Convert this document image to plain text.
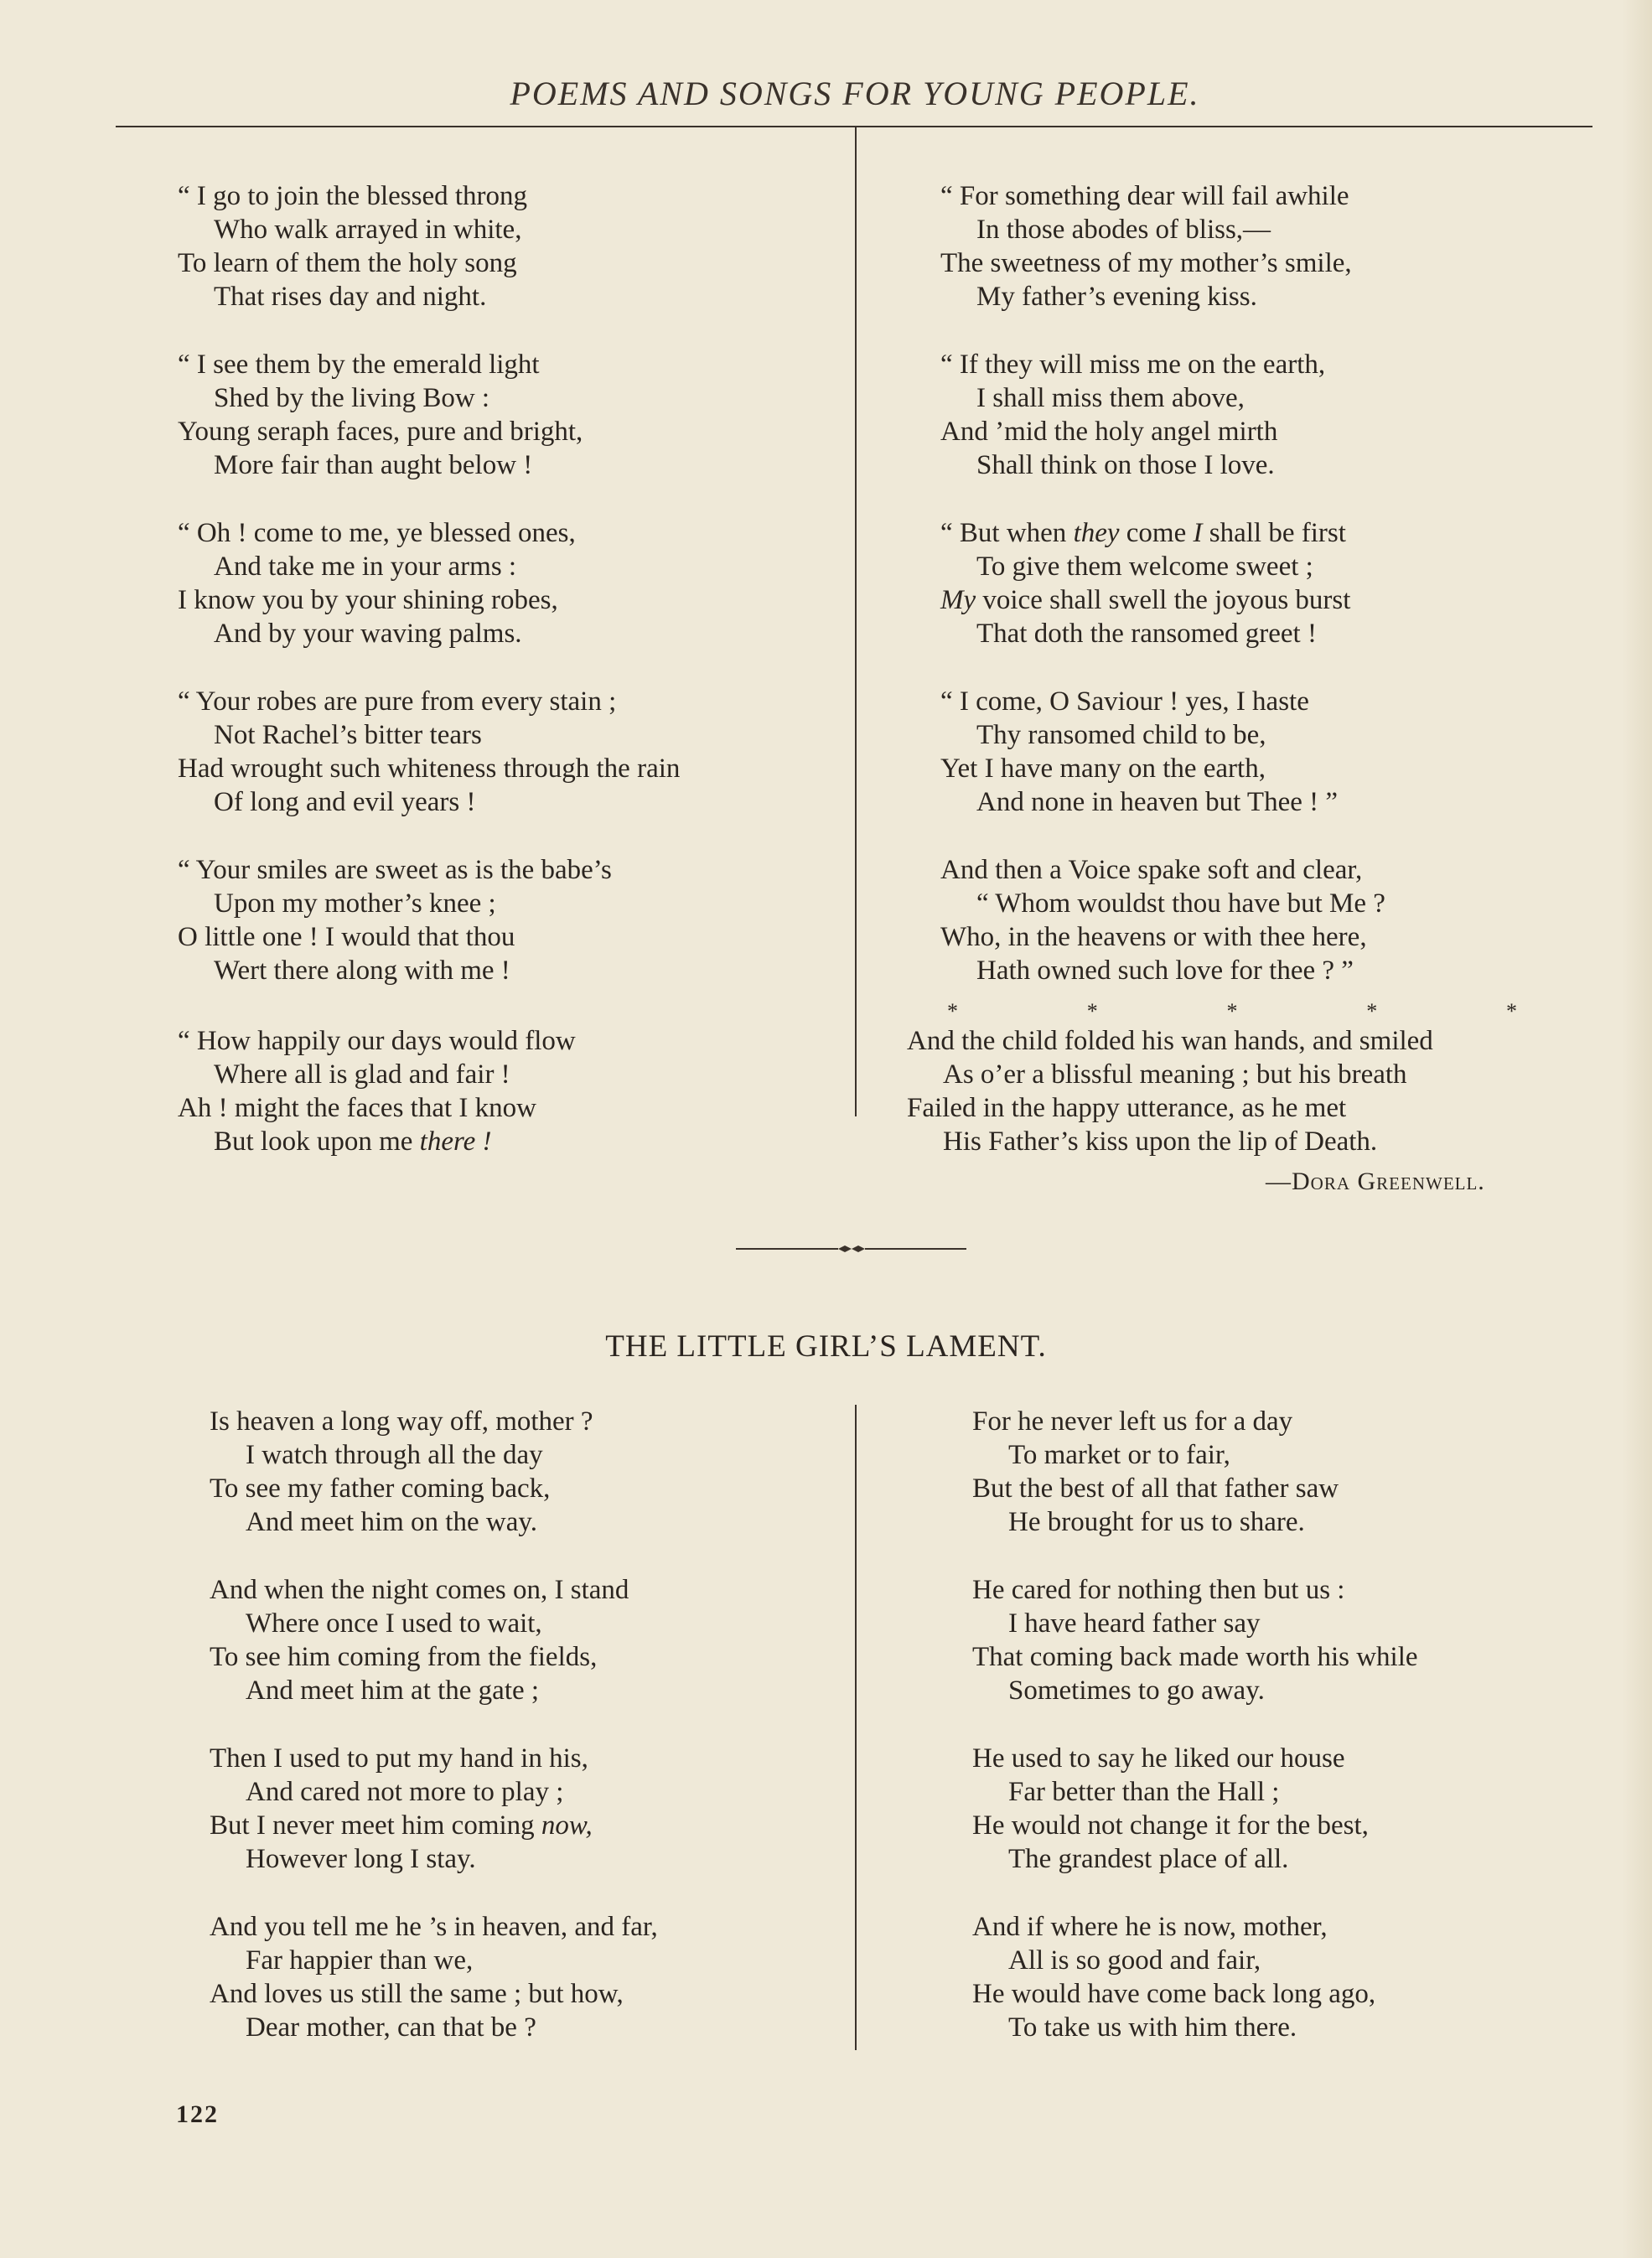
POEMS AND SONGS FOR YOUNG PEOPLE.
“ I go to join the blessed throng
Who walk arrayed in white,
To learn of them the holy song
That rises day and night.
“ I see them by the emerald light
Shed by the living Bow :
Young seraph faces, pure and bright,
More fair than aught below !
“ Oh ! come to me, ye blessed ones,
And take me in your arms :
I know you by your shining robes,
And by your waving palms.
“ Your robes are pure from every stain ;
Not Rachel’s bitter tears
Had wrought such whiteness through the rain
Of long and evil years !
“ Your smiles are sweet as is the babe’s
Upon my mother’s knee ;
O little one ! I would that thou
Wert there along with me !
“ How happily our days would flow
Where all is glad and fair !
Ah ! might the faces that I know
But look upon me there !
“ For something dear will fail awhile
In those abodes of bliss,—
The sweetness of my mother’s smile,
My father’s evening kiss.
“ If they will miss me on the earth,
I shall miss them above,
And ’mid the holy angel mirth
Shall think on those I love.
“ But when they come I shall be first
To give them welcome sweet ;
My voice shall swell the joyous burst
That doth the ransomed greet !
“ I come, O Saviour ! yes, I haste
Thy ransomed child to be,
Yet I have many on the earth,
And none in heaven but Thee ! ”
And then a Voice spake soft and clear,
“ Whom wouldst thou have but Me ?
Who, in the heavens or with thee here,
Hath owned such love for thee ? ”
*	*	*	*	*
And the child folded his wan hands, and smiled
As o’er a blissful meaning ; but his breath
Failed in the happy utterance, as he met
His Father’s kiss upon the lip of Death.
—Dora Greenwell.
THE LITTLE GIRL’S LAMENT.
Is heaven a long way off, mother ?
I watch through all the day
To see my father coming back,
And meet him on the way.
And when the night comes on, I stand
Where once I used to wait,
To see him coming from the fields,
And meet him at the gate ;
Then I used to put my hand in his,
And cared not more to play ;
But I never meet him coming now,
However long I stay.
And you tell me he ’s in heaven, and far,
Far happier than we,
And loves us still the same ; but how,
Dear mother, can that be ?
For he never left us for a day
To market or to fair,
But the best of all that father saw
He brought for us to share.
He cared for nothing then but us :
I have heard father say
That coming back made worth his while
Sometimes to go away.
He used to say he liked our house
Far better than the Hall ;
He would not change it for the best,
The grandest place of all.
And if where he is now, mother,
All is so good and fair,
He would have come back long ago,
To take us with him there.
122
